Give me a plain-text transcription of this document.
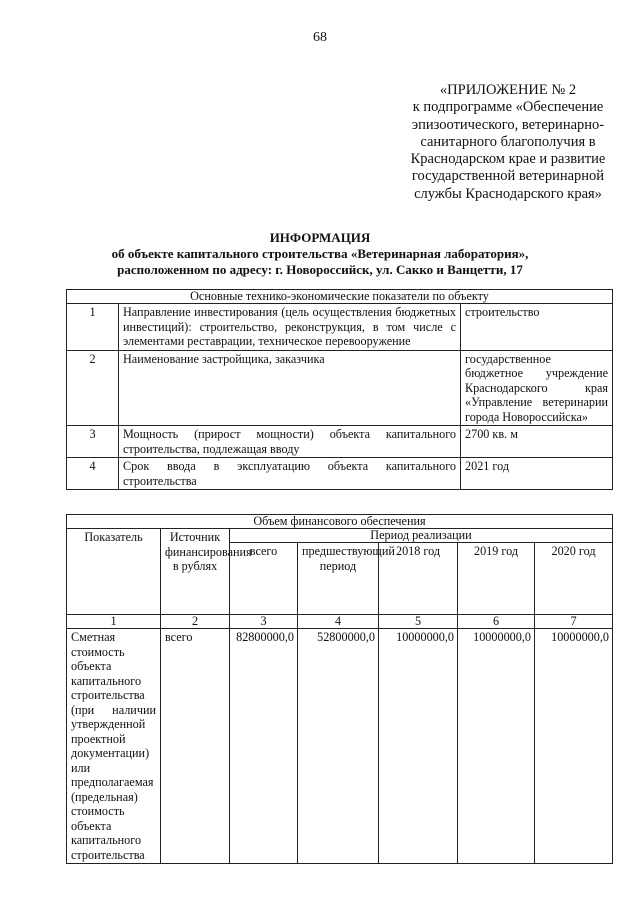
68
«ПРИЛОЖЕНИЕ № 2
к подпрограмме «Обеспечение
эпизоотического, ветеринарно-
санитарного благополучия в
Краснодарском крае и развитие
государственной ветеринарной
службы Краснодарского края»
ИНФОРМАЦИЯ
об объекте капитального строительства «Ветеринарная лаборатория»,
расположенном по адресу: г. Новороссийск, ул. Сакко и Ванцетти, 17
Основные технико-экономические показатели по объекту		
1	Направление инвестирования (цель осуществления бюджетных инвестиций): строительство, реконструкция, в том числе с элементами реставрации, техническое перевооружение	строительство
2	Наименование застройщика, заказчика	государственное бюджетное учреждение Краснодарского края «Управление ветеринарии города Новороссийска»
3	Мощность (прирост мощности) объекта капитального строительства, подлежащая вводу	2700 кв. м
4	Срок ввода в эксплуатацию объекта капитального строительства	2021 год
Объем финансового обеспечения						
Показатель	Источник финансирования в рублях	Период реализации				
		всего	предшествующий период	2018 год	2019 год	2020 год
1	2	3	4	5	6	7
Сметная стоимость объекта капитального строительства (при наличии утвержденной проектной документации) или предполагаемая (предельная) стоимость объекта капитального строительства	всего	82800000,0	52800000,0	10000000,0	10000000,0	10000000,0
